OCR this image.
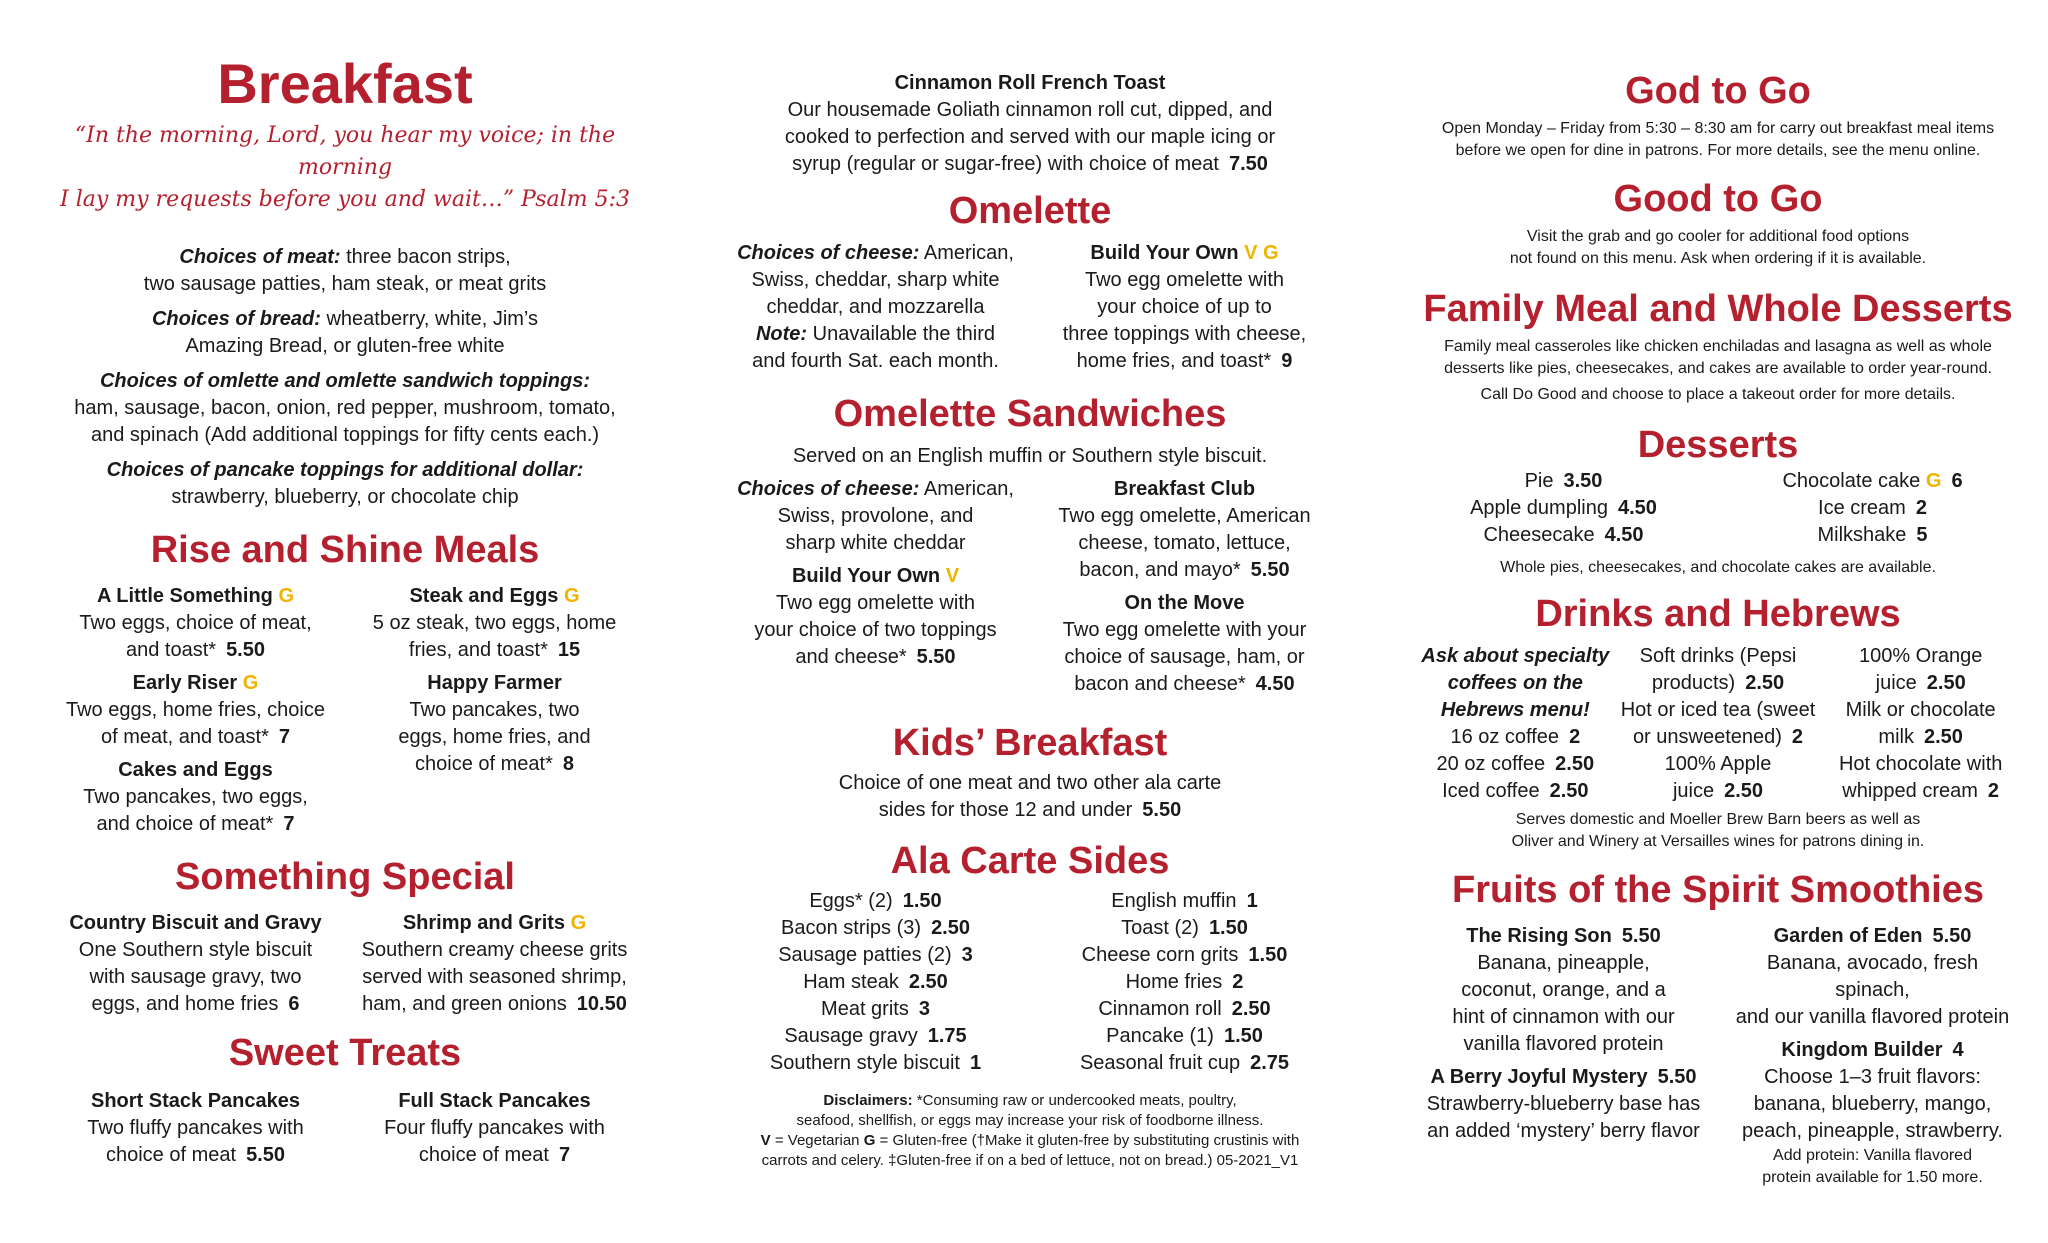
Breakfast

“In the morning, Lord, you hear my voice; in the morning

I lay my requests before you and wait…” Psalm 5:3

Choices of meat: three bacon strips,

two sausage patties, ham steak, or meat grits

Choices of bread: wheatberry, white, Jim’s

Amazing Bread, or gluten-free white

Choices of omlette and omlette sandwich toppings:

ham, sausage, bacon, onion, red pepper, mushroom, tomato,

and spinach (Add additional toppings for fifty cents each.)

Choices of pancake toppings for additional dollar:

strawberry, blueberry, or chocolate chip

Rise and Shine Meals
A Little Something G

Two eggs, choice of meat,

and toast* 5.50

Early Riser G

Two eggs, home fries, choice

of meat, and toast* 7

Cakes and Eggs

Two pancakes, two eggs,

and choice of meat* 7

Steak and Eggs G

5 oz steak, two eggs, home

fries, and toast* 15

Happy Farmer

Two pancakes, two

eggs, home fries, and

choice of meat* 8

Something Special
Country Biscuit and Gravy

One Southern style biscuit

with sausage gravy, two

eggs, and home fries 6

Shrimp and Grits G

Southern creamy cheese grits

served with seasoned shrimp,

ham, and green onions 10.50

Sweet Treats
Short Stack Pancakes

Two fluffy pancakes with

choice of meat 5.50

Full Stack Pancakes

Four fluffy pancakes with

choice of meat 7

Cinnamon Roll French Toast

Our housemade Goliath cinnamon roll cut, dipped, and

cooked to perfection and served with our maple icing or

syrup (regular or sugar-free) with choice of meat 7.50

Omelette

Choices of cheese: American,

Swiss, cheddar, sharp white

cheddar, and mozzarella

Note: Unavailable the third

and fourth Sat. each month.

Build Your Own V G

Two egg omelette with

your choice of up to

three toppings with cheese,

home fries, and toast* 9

Omelette Sandwiches

Served on an English muffin or Southern style biscuit.

Choices of cheese: American,

Swiss, provolone, and

sharp white cheddar

Build Your Own V

Two egg omelette with

your choice of two toppings

and cheese* 5.50

Breakfast Club

Two egg omelette, American

cheese, tomato, lettuce,

bacon, and mayo* 5.50

On the Move

Two egg omelette with your

choice of sausage, ham, or

bacon and cheese* 4.50

Kids’ Breakfast

Choice of one meat and two other ala carte

sides for those 12 and under 5.50

Ala Carte Sides

Eggs* (2) 1.50

Bacon strips (3) 2.50

Sausage patties (2) 3

Ham steak 2.50

Meat grits 3

Sausage gravy 1.75

Southern style biscuit 1

English muffin 1

Toast (2) 1.50

Cheese corn grits 1.50

Home fries 2

Cinnamon roll 2.50

Pancake (1) 1.50

Seasonal fruit cup 2.75

Disclaimers: *Consuming raw or undercooked meats, poultry,

seafood, shellfish, or eggs may increase your risk of foodborne illness.

V = Vegetarian G = Gluten-free (†Make it gluten-free by substituting crustinis with

carrots and celery. ‡Gluten-free if on a bed of lettuce, not on bread.) 05-2021_V1

God to Go

Open Monday – Friday from 5:30 – 8:30 am for carry out breakfast meal items

before we open for dine in patrons. For more details, see the menu online.

Good to Go

Visit the grab and go cooler for additional food options

not found on this menu. Ask when ordering if it is available.

Family Meal and Whole Desserts

Family meal casseroles like chicken enchiladas and lasagna as well as whole

desserts like pies, cheesecakes, and cakes are available to order year-round.

Call Do Good and choose to place a takeout order for more details.

Desserts

Pie 3.50

Apple dumpling 4.50

Cheesecake 4.50

Chocolate cake G 6

Ice cream 2

Milkshake 5

Whole pies, cheesecakes, and chocolate cakes are available.

Drinks and Hebrews

Ask about specialty

coffees on the

Hebrews menu!

16 oz coffee 2

20 oz coffee 2.50

Iced coffee 2.50

Soft drinks (Pepsi

products) 2.50

Hot or iced tea (sweet

or unsweetened) 2

100% Apple

juice 2.50

100% Orange

juice 2.50

Milk or chocolate

milk 2.50

Hot chocolate with

whipped cream 2

Serves domestic and Moeller Brew Barn beers as well as

Oliver and Winery at Versailles wines for patrons dining in.

Fruits of the Spirit Smoothies
The Rising Son 5.50

Banana, pineapple,

coconut, orange, and a

hint of cinnamon with our

vanilla flavored protein

A Berry Joyful Mystery 5.50

Strawberry-blueberry base has

an added ‘mystery’ berry flavor

Garden of Eden 5.50

Banana, avocado, fresh spinach,

and our vanilla flavored protein

Kingdom Builder 4

Choose 1–3 fruit flavors:

banana, blueberry, mango,

peach, pineapple, strawberry.

Add protein: Vanilla flavored

protein available for 1.50 more.
